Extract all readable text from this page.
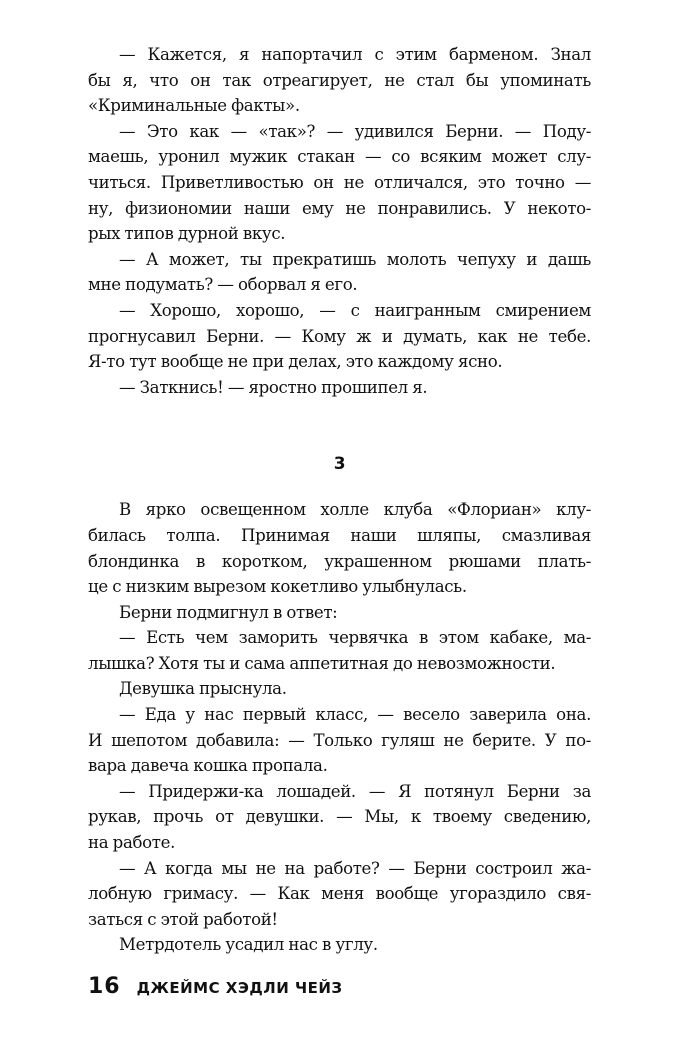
— Кажется, я напортачил с этим барменом. Знал
бы я, что он так отреагирует, не стал бы упоминать
«Криминальные факты».

— Это как — «так»? — удивился Берни. — Поду-
маешь, уронил мужик стакан — со всяким может слу-
читься. Приветливостью он не отличался, это точно —
ну, физиономии наши ему не понравились. У некото-
рых типов дурной вкус.

— А может, ты прекратишь молоть чепуху и дашь
мне подумать? — оборвал я его.

— Хорошо, хорошо, — с наигранным смирением
прогнусавил Берни. — Кому ж и думать, как не тебе.
Я-то тут вообще не при делах, это каждому ясно.

— Заткнись! — яростно прошипел я.

3

В ярко освещенном холле клуба «Флориан» клу-
билась толпа. Принимая наши шляпы, смазливая
блондинка в коротком, украшенном рюшами плать-
це с низким вырезом кокетливо улыбнулась.

Берни подмигнул в ответ:

— Есть чем заморить червячка в этом кабаке, ма-
лышка? Хотя ты и сама аппетитная до невозможности.

Девушка прыснула.

— Еда у нас первый класс, — весело заверила она.
И шепотом добавила: — Только гуляш не берите. У по-
вара давеча кошка пропала.

— Придержи-ка лошадей. — Я потянул Берни за
рукав, прочь от девушки. — Мы, к твоему сведению,
на работе.

— А когда мы не на работе? — Берни состроил жа-
лобную гримасу. — Как меня вообще угораздило свя-
заться с этой работой!

Метрдотель усадил нас в углу.

16 ДЖЕЙМС ХЭДЛИ ЧЕЙЗ
